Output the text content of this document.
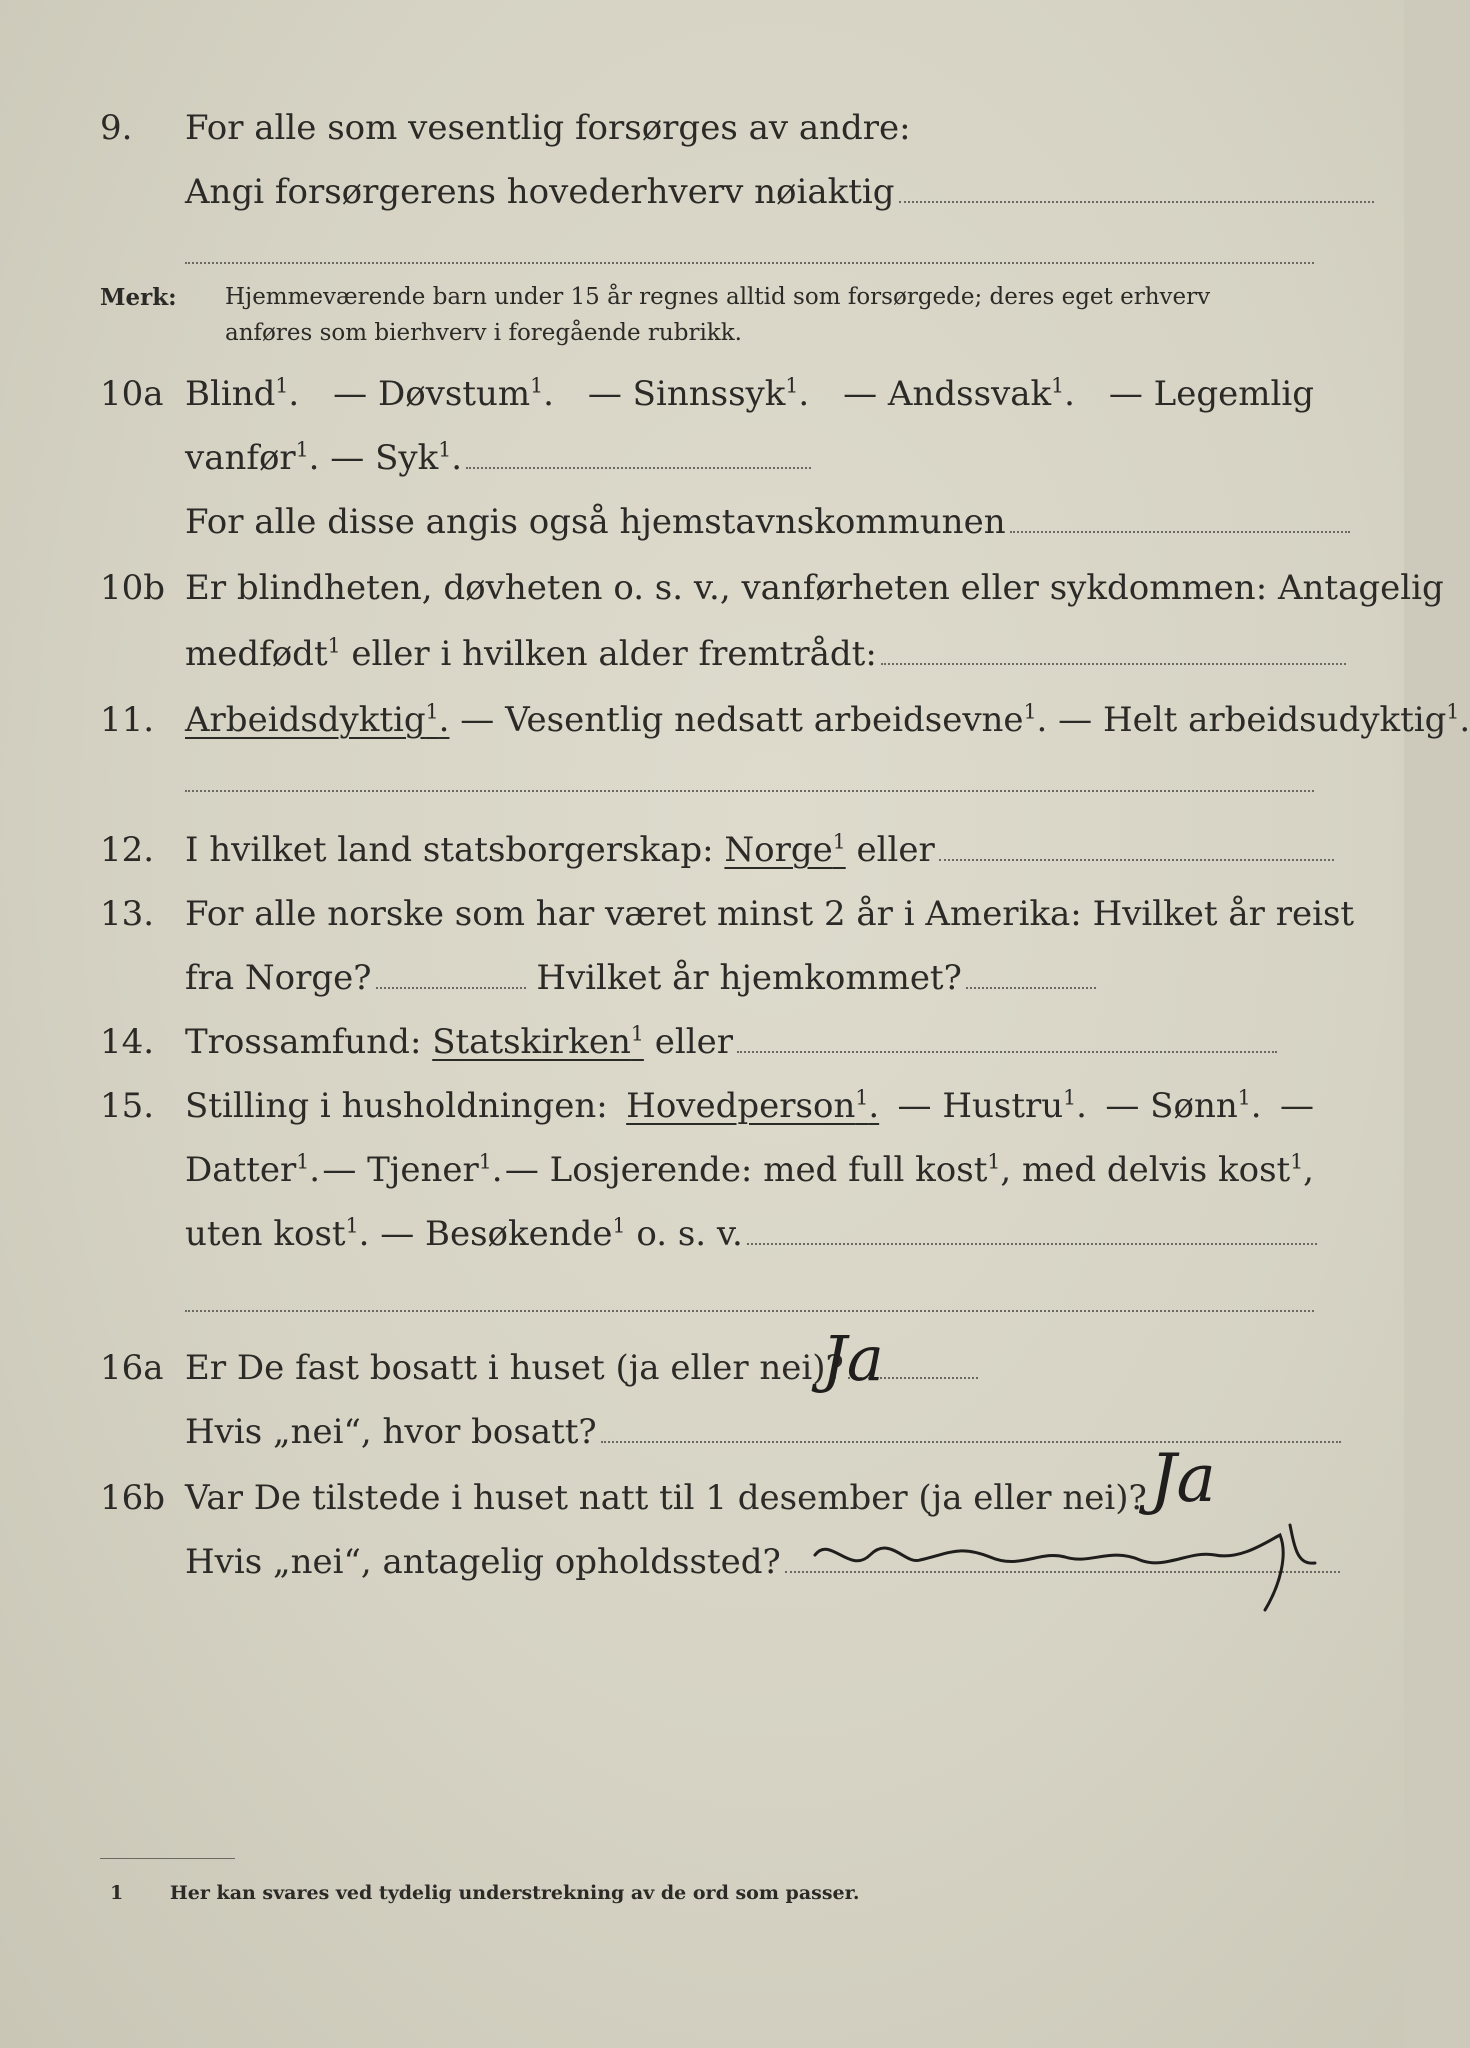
9. For alle som vesentlig forsørges av andre:
Angi forsørgerens hovederhverv nøiaktig
Merk: Hjemmeværende barn under 15 år regnes alltid som forsørgede; deres eget erhverv
anføres som bierhverv i foregående rubrikk.
10a Blind$^1$. — Døvstum$^1$. — Sinnssyk$^1$. — Andssvak$^1$. — Legemlig
vanfør$^1$. — Syk$^1$.
For alle disse angis også hjemstavnskommunen
10b Er blindheten, døvheten o. s. v., vanførheten eller sykdommen: Antagelig
medfødt$^1$ eller i hvilken alder fremtrådt:
11. Arbeidsdyktig$^1$. — Vesentlig nedsatt arbeidsevne$^1$. — Helt arbeidsudyktig$^1$.
12. I hvilket land statsborgerskap: Norge$^1$ eller
13. For alle norske som har været minst 2 år i Amerika: Hvilket år reist
fra Norge?	Hvilket år hjemkommet?
14. Trossamfund: Statskirken$^1$ eller
15. Stilling i husholdningen: Hovedperson$^1$. — Hustru$^1$. — Sønn$^1$. —
Datter$^1$. — Tjener$^1$. — Losjerende: med full kost$^1$, med delvis kost$^1$,
uten kost$^1$. — Besøkende$^1$ o. s. v.
16a Er De fast bosatt i huset (ja eller nei)?
Ja
Hvis „nei“, hvor bosatt?
16b Var De tilstede i huset natt til 1 desember (ja eller nei)? Ja
Hvis „nei“, antagelig opholdssted?
1 Her kan svares ved tydelig understrekning av de ord som passer.
